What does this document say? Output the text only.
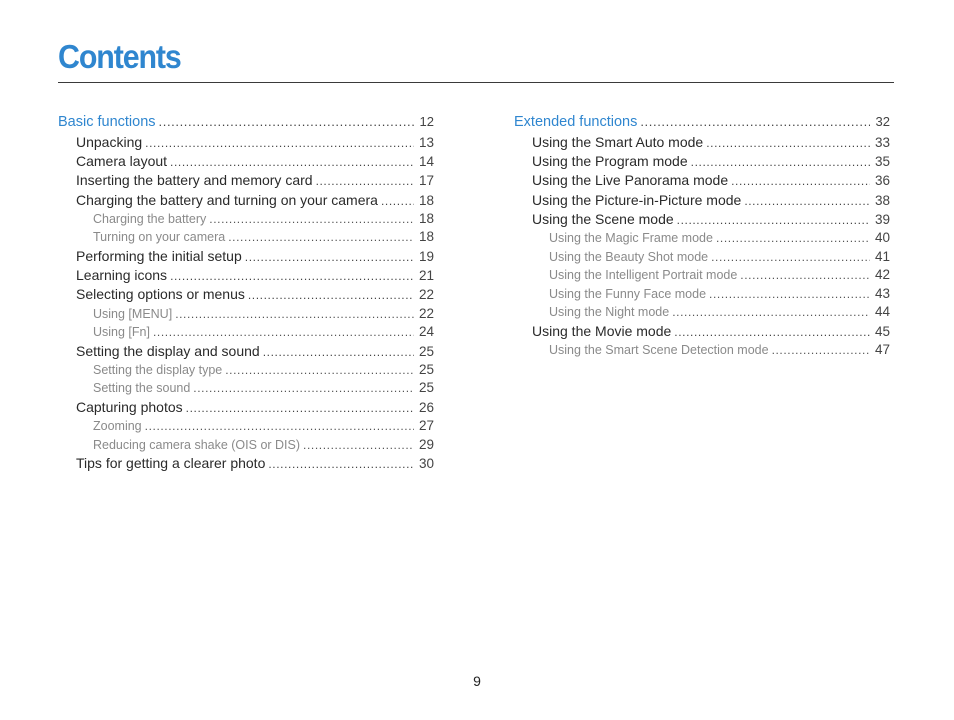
Contents
Basic functions .....	12
Unpacking .....	13
Camera layout .....	14
Inserting the battery and memory card .....	17
Charging the battery and turning on your camera .....	18
Charging the battery .....	18
Turning on your camera .....	18
Performing the initial setup .....	19
Learning icons .....	21
Selecting options or menus .....	22
Using [MENU] .....	22
Using [Fn] .....	24
Setting the display and sound .....	25
Setting the display type .....	25
Setting the sound .....	25
Capturing photos .....	26
Zooming .....	27
Reducing camera shake (OIS or DIS) .....	29
Tips for getting a clearer photo .....	30
Extended functions .....	32
Using the Smart Auto mode .....	33
Using the Program mode .....	35
Using the Live Panorama mode .....	36
Using the Picture-in-Picture mode .....	38
Using the Scene mode .....	39
Using the Magic Frame mode .....	40
Using the Beauty Shot mode .....	41
Using the Intelligent Portrait mode .....	42
Using the Funny Face mode .....	43
Using the Night mode .....	44
Using the Movie mode .....	45
Using the Smart Scene Detection mode .....	47
9
